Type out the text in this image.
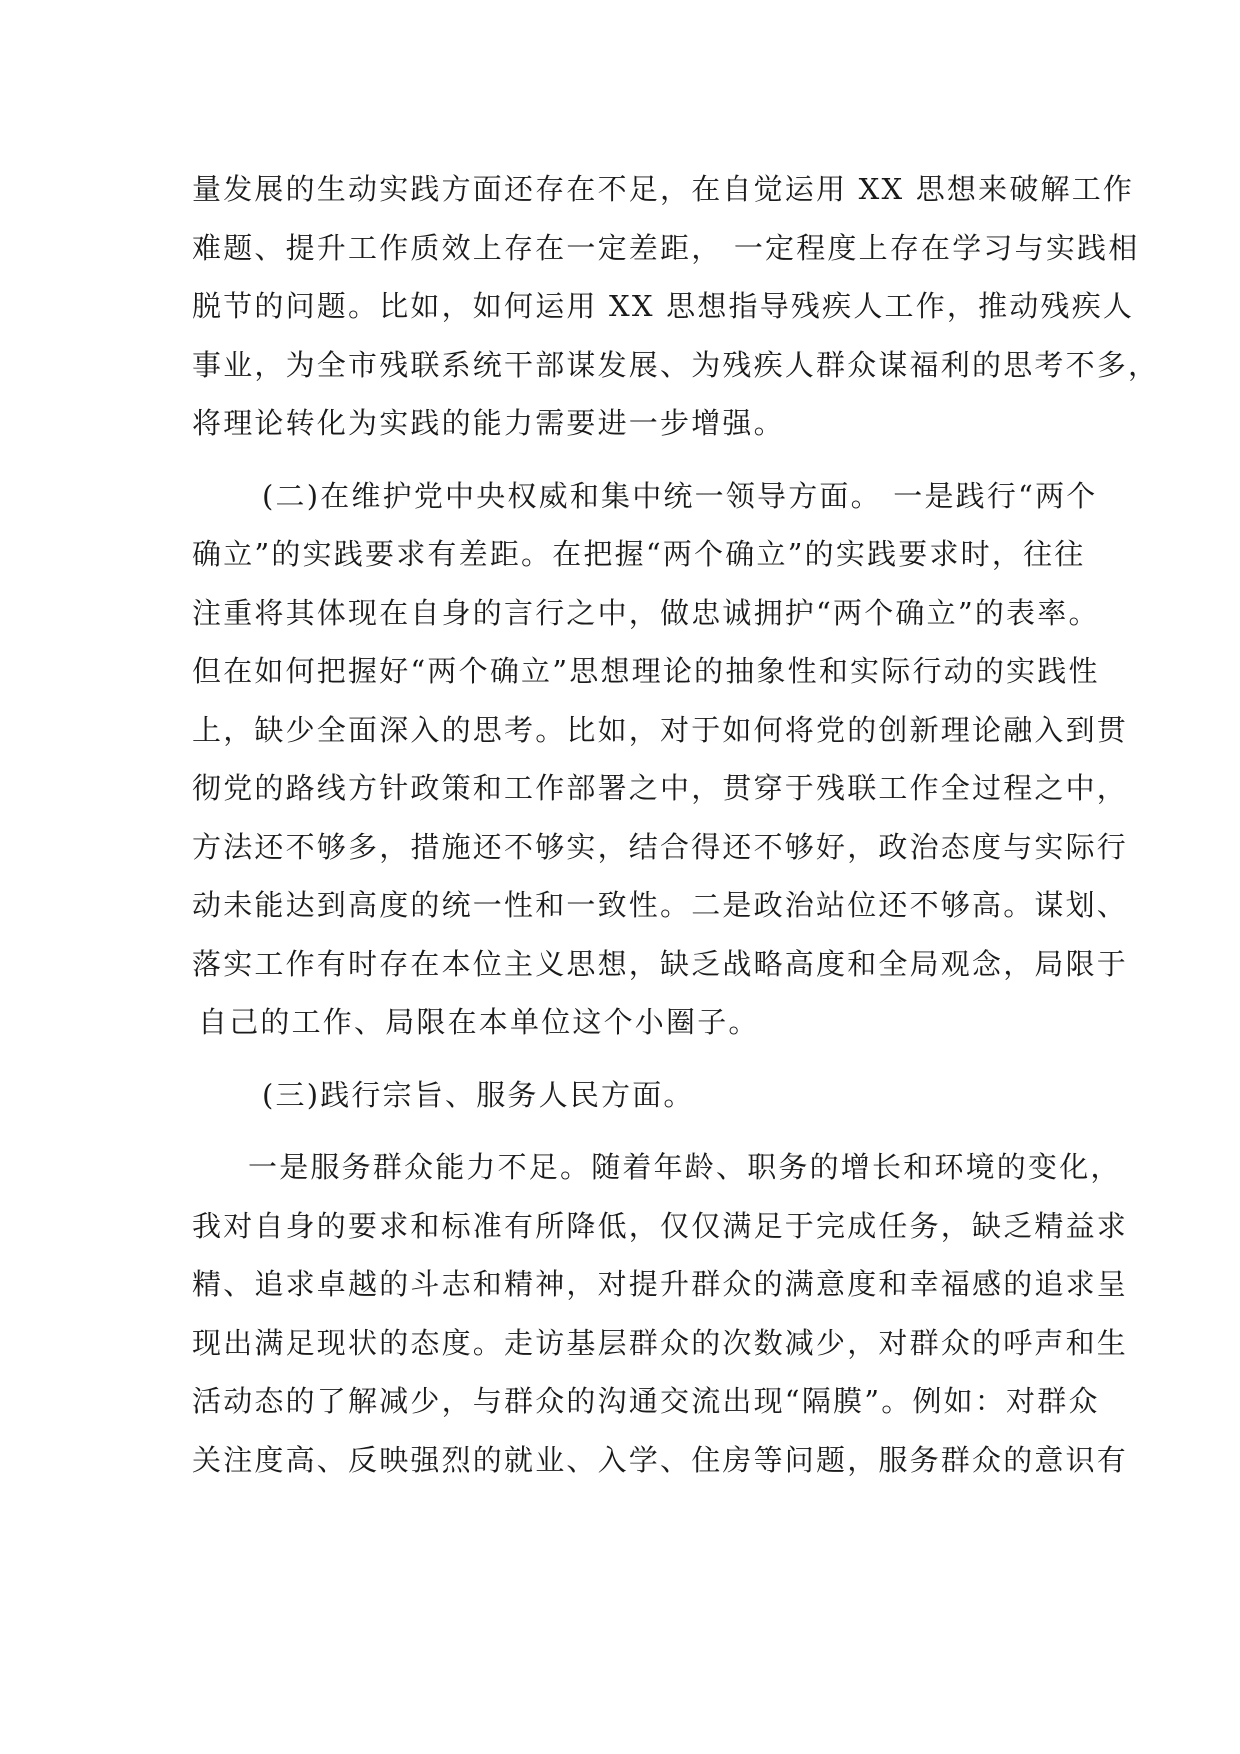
量发展的生动实践方面还存在不足，在自觉运用 XX 思想来破解工作
难题、提升工作质效上存在一定差距， 一定程度上存在学习与实践相
脱节的问题。比如，如何运用 XX 思想指导残疾人工作，推动残疾人
事业，为全市残联系统干部谋发展、为残疾人群众谋福利的思考不多，
将理论转化为实践的能力需要进一步增强。
(二)在维护党中央权威和集中统一领导方面。 一是践行“两个
确立”的实践要求有差距。在把握“两个确立”的实践要求时，往往
注重将其体现在自身的言行之中，做忠诚拥护“两个确立”的表率。
但在如何把握好“两个确立”思想理论的抽象性和实际行动的实践性
上，缺少全面深入的思考。比如，对于如何将党的创新理论融入到贯
彻党的路线方针政策和工作部署之中，贯穿于残联工作全过程之中，
方法还不够多，措施还不够实，结合得还不够好，政治态度与实际行
动未能达到高度的统一性和一致性。二是政治站位还不够高。谋划、
落实工作有时存在本位主义思想，缺乏战略高度和全局观念，局限于
自己的工作、局限在本单位这个小圈子。
(三)践行宗旨、服务人民方面。
一是服务群众能力不足。随着年龄、职务的增长和环境的变化，
我对自身的要求和标准有所降低，仅仅满足于完成任务，缺乏精益求
精、追求卓越的斗志和精神，对提升群众的满意度和幸福感的追求呈
现出满足现状的态度。走访基层群众的次数减少，对群众的呼声和生
活动态的了解减少，与群众的沟通交流出现“隔膜”。例如：对群众
关注度高、反映强烈的就业、入学、住房等问题，服务群众的意识有
